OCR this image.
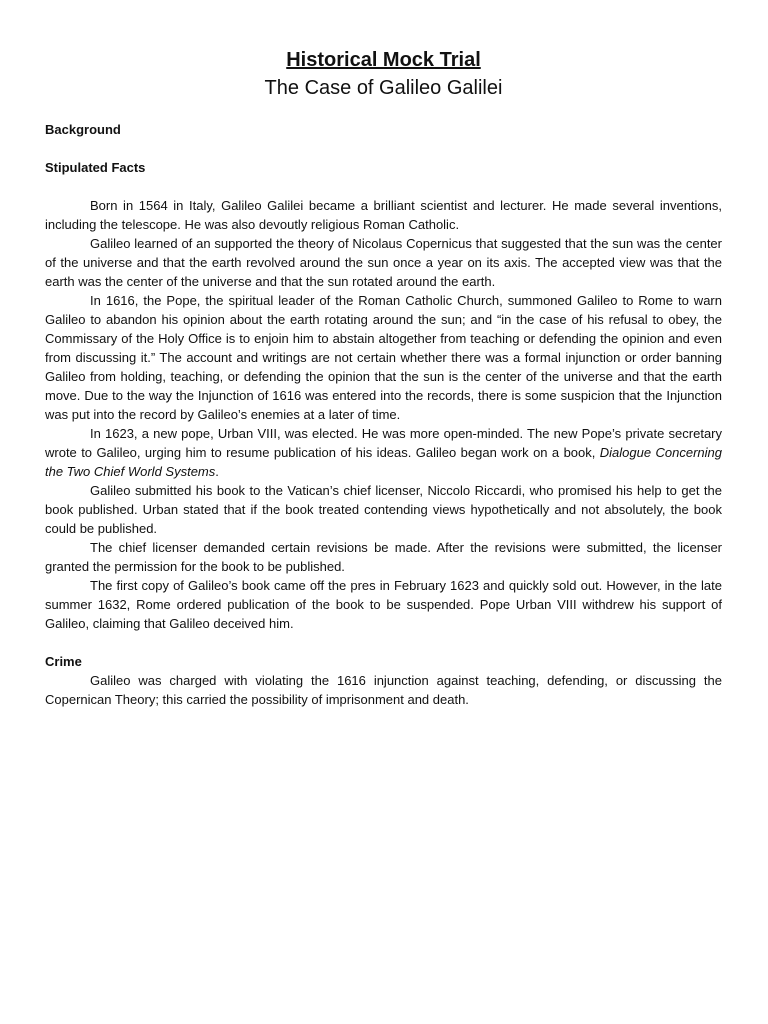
Historical Mock Trial

The Case of Galileo Galilei

Background

Stipulated Facts

Born in 1564 in Italy, Galileo Galilei became a brilliant scientist and lecturer. He made several inventions, including the telescope. He was also devoutly religious Roman Catholic.

Galileo learned of an supported the theory of Nicolaus Copernicus that suggested that the sun was the center of the universe and that the earth revolved around the sun once a year on its axis. The accepted view was that the earth was the center of the universe and that the sun rotated around the earth.

In 1616, the Pope, the spiritual leader of the Roman Catholic Church, summoned Galileo to Rome to warn Galileo to abandon his opinion about the earth rotating around the sun; and “in the case of his refusal to obey, the Commissary of the Holy Office is to enjoin him to abstain altogether from teaching or defending the opinion and even from discussing it.” The account and writings are not certain whether there was a formal injunction or order banning Galileo from holding, teaching, or defending the opinion that the sun is the center of the universe and that the earth move. Due to the way the Injunction of 1616 was entered into the records, there is some suspicion that the Injunction was put into the record by Galileo’s enemies at a later of time.

In 1623, a new pope, Urban VIII, was elected. He was more open-minded. The new Pope’s private secretary wrote to Galileo, urging him to resume publication of his ideas. Galileo began work on a book, Dialogue Concerning the Two Chief World Systems.

Galileo submitted his book to the Vatican’s chief licenser, Niccolo Riccardi, who promised his help to get the book published. Urban stated that if the book treated contending views hypothetically and not absolutely, the book could be published.

The chief licenser demanded certain revisions be made. After the revisions were submitted, the licenser granted the permission for the book to be published.

The first copy of Galileo’s book came off the pres in February 1623 and quickly sold out. However, in the late summer 1632, Rome ordered publication of the book to be suspended. Pope Urban VIII withdrew his support of Galileo, claiming that Galileo deceived him.

Crime

Galileo was charged with violating the 1616 injunction against teaching, defending, or discussing the Copernican Theory; this carried the possibility of imprisonment and death.
